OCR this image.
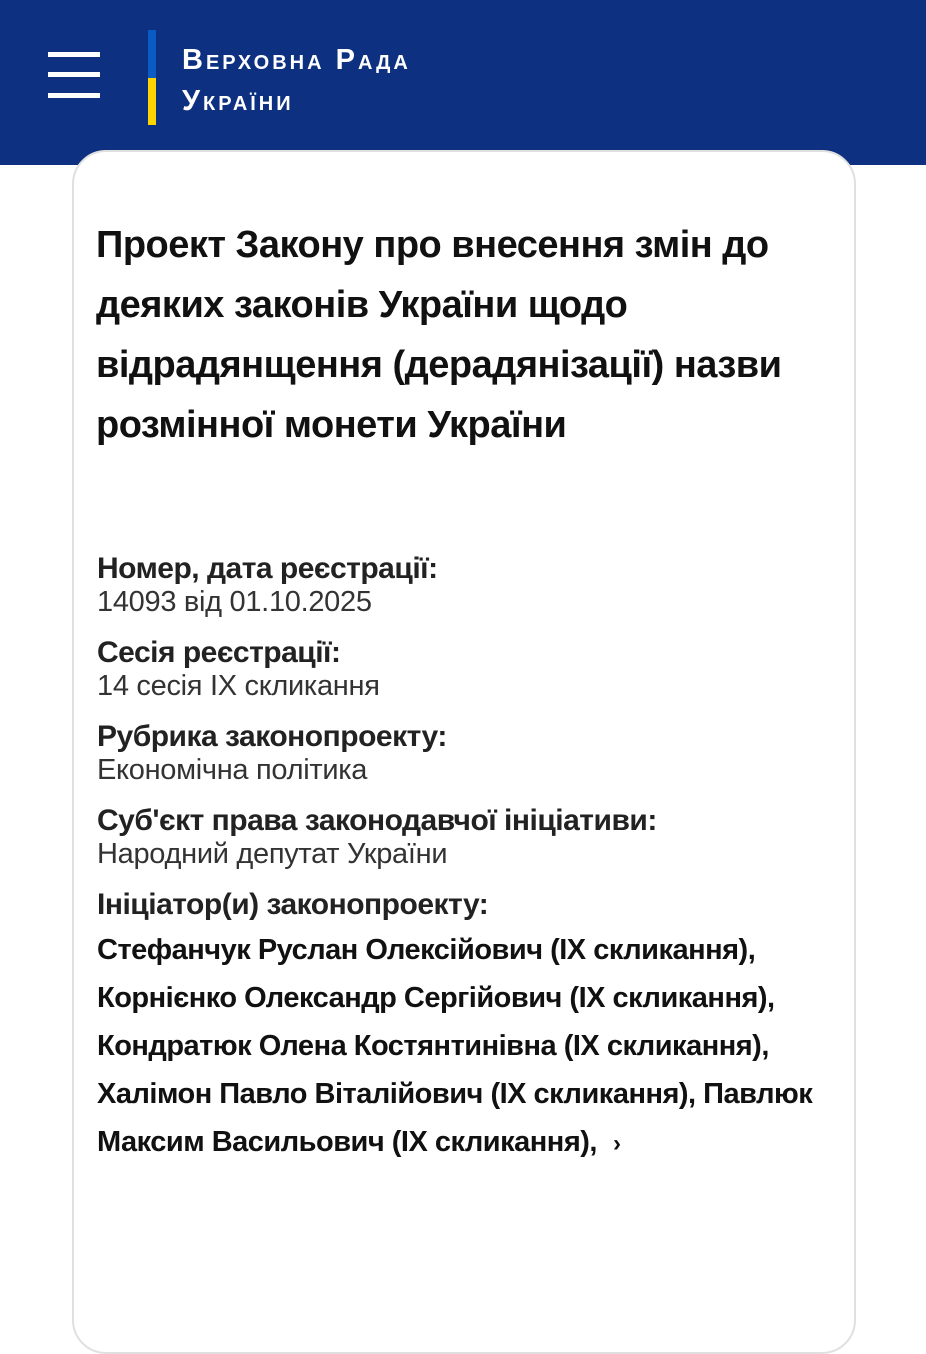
Верховна Рада
України
Проект Закону про внесення змін до деяких законів України щодо відрадянщення (дерадянізації) назви розмінної монети України
Номер, дата реєстрації:
14093 від 01.10.2025
Сесія реєстрації:
14 сесія IX скликання
Рубрика законопроекту:
Економічна політика
Суб'єкт права законодавчої ініціативи:
Народний депутат України
Ініціатор(и) законопроекту:
Стефанчук Руслан Олексійович (IX скликання), Корнієнко Олександр Сергійович (IX скликання), Кондратюк Олена Костянтинівна (IX скликання), Халімон Павло Віталійович (IX скликання), Павлюк Максим Васильович (IX скликання), ›
